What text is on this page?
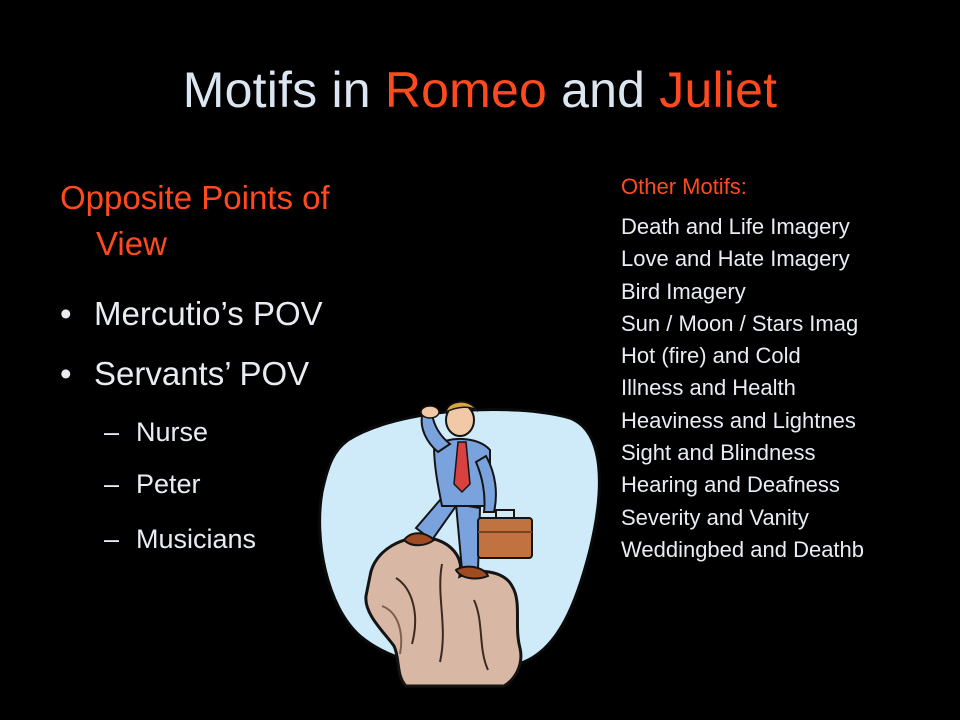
Motifs in Romeo and Juliet
Opposite Points of
View
• Mercutio’s POV
• Servants’ POV
– Nurse
– Peter
– Musicians
Other Motifs:
Death and Life Imagery
Love and Hate Imagery
Bird Imagery
Sun / Moon / Stars Imag
Hot (fire) and Cold
Illness and Health
Heaviness and Lightnes
Sight and Blindness
Hearing and Deafness
Severity and Vanity
Weddingbed and Deathb
